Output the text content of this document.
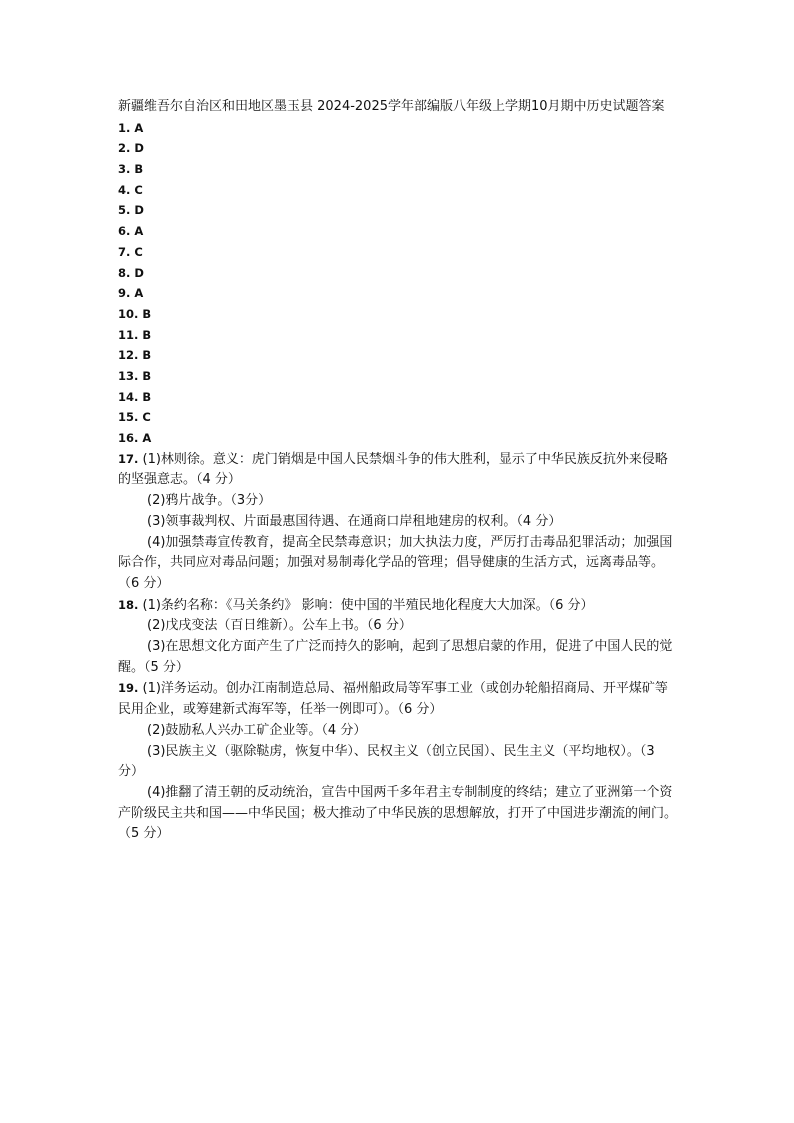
新疆维吾尔自治区和田地区墨玉县 2024-2025学年部编版八年级上学期10月期中历史试题答案
1. A
2. D
3. B
4. C
5. D
6. A
7. C
8. D
9. A
10. B
11. B
12. B
13. B
14. B
15. C
16. A

17. (1)林则徐。意义：虎门销烟是中国人民禁烟斗争的伟大胜利，显示了中华民族反抗外来侵略的坚强意志。（4 分）

(2)鸦片战争。（3分）

(3)领事裁判权、片面最惠国待遇、在通商口岸租地建房的权利。（4 分）

(4)加强禁毒宣传教育，提高全民禁毒意识；加大执法力度，严厉打击毒品犯罪活动；加强国际合作，共同应对毒品问题；加强对易制毒化学品的管理；倡导健康的生活方式，远离毒品等。（6 分）

18. (1)条约名称：《马关条约》 影响：使中国的半殖民地化程度大大加深。（6 分）

(2)戊戌变法（百日维新）。公车上书。（6 分）

(3)在思想文化方面产生了广泛而持久的影响，起到了思想启蒙的作用，促进了中国人民的觉醒。（5 分）

19. (1)洋务运动。创办江南制造总局、福州船政局等军事工业（或创办轮船招商局、开平煤矿等民用企业，或筹建新式海军等，任举一例即可）。（6 分）

(2)鼓励私人兴办工矿企业等。（4 分）

(3)民族主义（驱除鞑虏，恢复中华）、民权主义（创立民国）、民生主义（平均地权）。（3 分）

(4)推翻了清王朝的反动统治，宣告中国两千多年君主专制制度的终结；建立了亚洲第一个资产阶级民主共和国——中华民国；极大推动了中华民族的思想解放，打开了中国进步潮流的闸门。（5 分）
